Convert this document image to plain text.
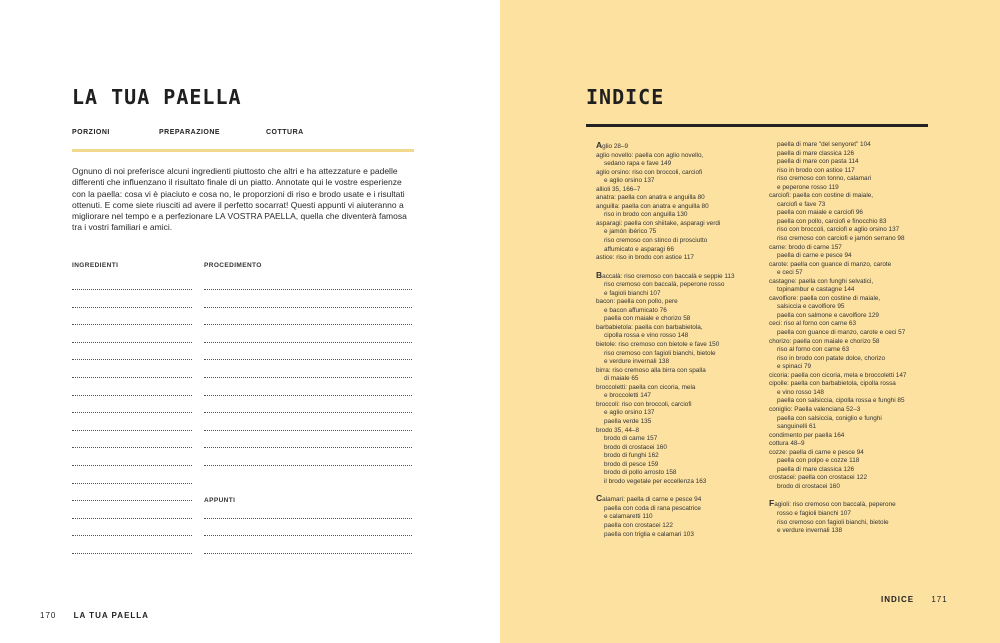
LA TUA PAELLA
PORZIONI	PREPARAZIONE	COTTURA
Ognuno di noi preferisce alcuni ingredienti piuttosto che altri e ha attezzature e padelle differenti che influenzano il risultato finale di un piatto. Annotate qui le vostre esperienze con la paella: cosa vi è piaciuto e cosa no, le proporzioni di riso e brodo usate e i risultati ottenuti. E come siete riusciti ad avere il perfetto socarrat! Questi appunti vi aiuteranno a migliorare nel tempo e a perfezionare LA VOSTRA PAELLA, quella che diventerà famosa tra i vostri familiari e amici.
INGREDIENTI	PROCEDIMENTO
APPUNTI
170 LA TUA PAELLA
INDICE
Aglio 28–9
aglio novello: paella con aglio novello,
sedano rapa e fave 149
aglio orsino: riso con broccoli, carciofi
e aglio orsino 137
allioli 35, 166–7
anatra: paella con anatra e anguilla 80
anguilla: paella con anatra e anguilla 80
riso in brodo con anguilla 130
asparagi: paella con shiitake, asparagi verdi
e jamón ibérico 75
riso cremoso con stinco di prosciutto
affumicato e asparagi 66
astice: riso in brodo con astice 117
Baccalà: riso cremoso con baccalà e seppie 113
riso cremoso con baccalà, peperone rosso
e fagioli bianchi 107
bacon: paella con pollo, pere
e bacon affumicato 76
paella con maiale e chorizo 58
barbabietola: paella con barbabietola,
cipolla rossa e vino rosso 148
bietole: riso cremoso con bietole e fave 150
riso cremoso con fagioli bianchi, bietole
e verdure invernali 138
birra: riso cremoso alla birra con spalla
di maiale 65
broccoletti: paella con cicoria, mela
e broccoletti 147
broccoli: riso con broccoli, carciofi
e aglio orsino 137
paella verde 135
brodo 35, 44–8
brodo di carne 157
brodo di crostacei 160
brodo di funghi 162
brodo di pesce 159
brodo di pollo arrosto 158
il brodo vegetale per eccellenza 163
Calamari: paella di carne e pesce 94
paella con coda di rana pescatrice
e calamaretti 110
paella con crostacei 122
paella con triglia e calamari 103
paella di mare "del senyoret" 104
paella di mare classica 126
paella di mare con pasta 114
riso in brodo con astice 117
riso cremoso con tonno, calamari
e peperone rosso 119
carciofi: paella con costine di maiale,
carciofi e fave 73
paella con maiale e carciofi 96
paella con pollo, carciofi e finocchio 83
riso con broccoli, carciofi e aglio orsino 137
riso cremoso con carciofi e jamón serrano 98
carne: brodo di carne 157
paella di carne e pesce 94
carote: paella con guance di manzo, carote
e ceci 57
castagne: paella con funghi selvatici,
topinambur e castagne 144
cavolfiore: paella con costine di maiale,
salsiccia e cavolfiore 95
paella con salmone e cavolfiore 129
ceci: riso al forno con carne 63
paella con guance di manzo, carote e ceci 57
chorizo: paella con maiale e chorizo 58
riso al forno con carne 63
riso in brodo con patate dolce, chorizo
e spinaci 79
cicoria: paella con cicoria, mela e broccoletti 147
cipolle: paella con barbabietola, cipolla rossa
e vino rosso 148
paella con salsiccia, cipolla rossa e funghi 85
coniglio: Paella valenciana 52–3
paella con salsiccia, coniglio e funghi
sanguinelli 61
condimento per paella 164
cottura 48–9
cozze: paella di carne e pesce 94
paella con polpo e cozze 118
paella di mare classica 126
crostacei: paella con crostacei 122
brodo di crostacei 160
Fagioli: riso cremoso con baccalà, peperone
rosso e fagioli bianchi 107
riso cremoso con fagioli bianchi, bietole
e verdure invernali 138
INDICE 171
